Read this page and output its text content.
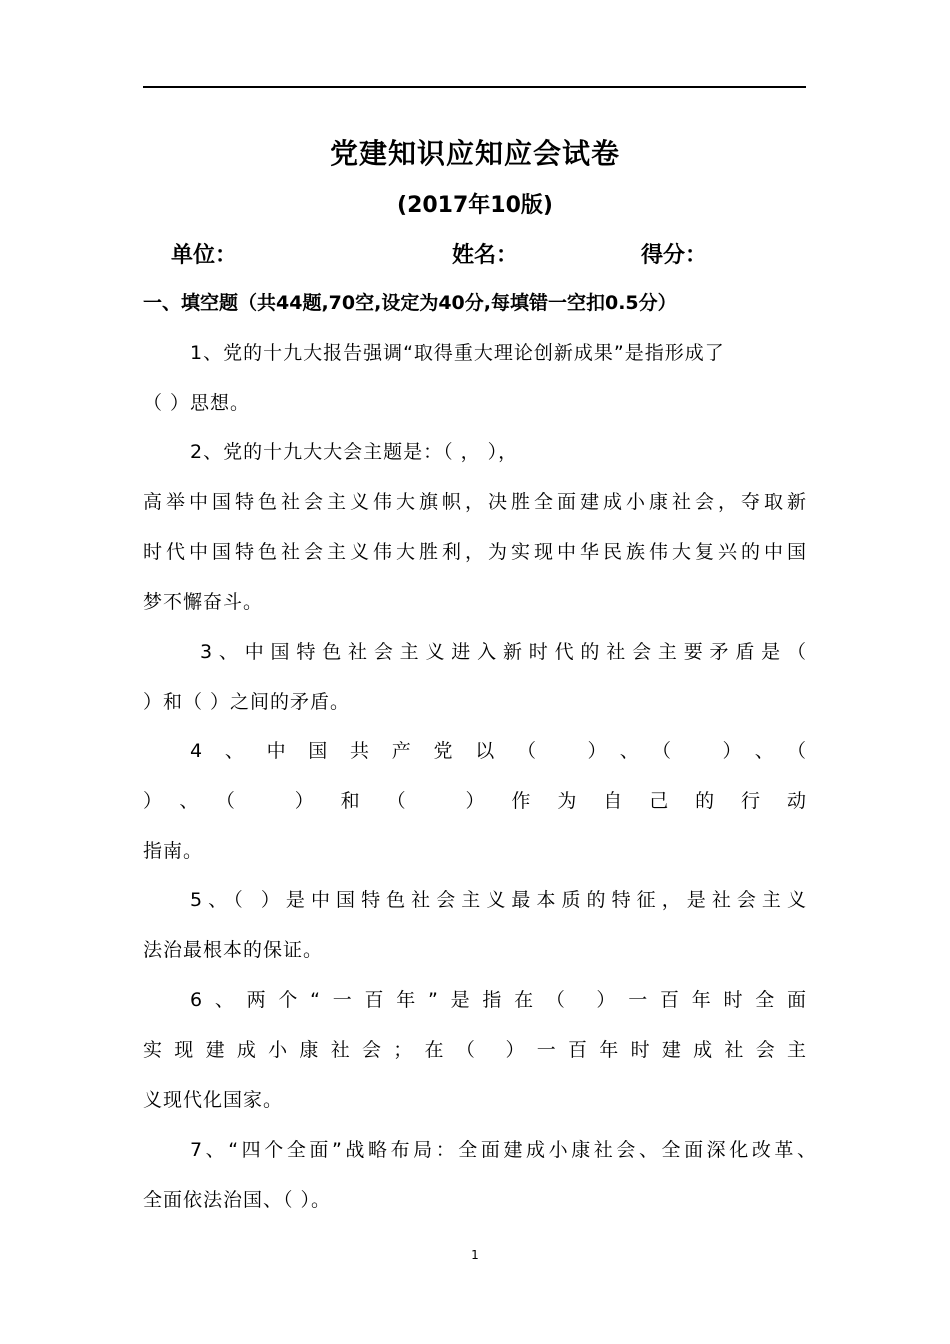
党建知识应知应会试卷
(2017年10版)
单位：	姓名：	得分：
一、填空题（共44题,70空,设定为40分,每填错一空扣0.5分）
1、党的十九大报告强调“取得重大理论创新成果”是指形成了
（ ）思想。
2、党的十九大大会主题是：（ ， ），
高举中国特色社会主义伟大旗帜，决胜全面建成小康社会，夺取新
时代中国特色社会主义伟大胜利，为实现中华民族伟大复兴的中国
梦不懈奋斗。
3、中国特色社会主义进入新时代的社会主要矛盾是（
）和（ ）之间的矛盾。
4、中国共产党以（ ）、（ ）、（
）、（ ）和（ ）作为自己的行动
指南。
5、（ ）是中国特色社会主义最本质的特征，是社会主义
法治最根本的保证。
6、两个“一百年”是指在（ ）一百年时全面
实现建成小康社会；在（ ）一百年时建成社会主
义现代化国家。
7、“四个全面”战略布局：全面建成小康社会、全面深化改革、
全面依法治国、（ ）。
1
